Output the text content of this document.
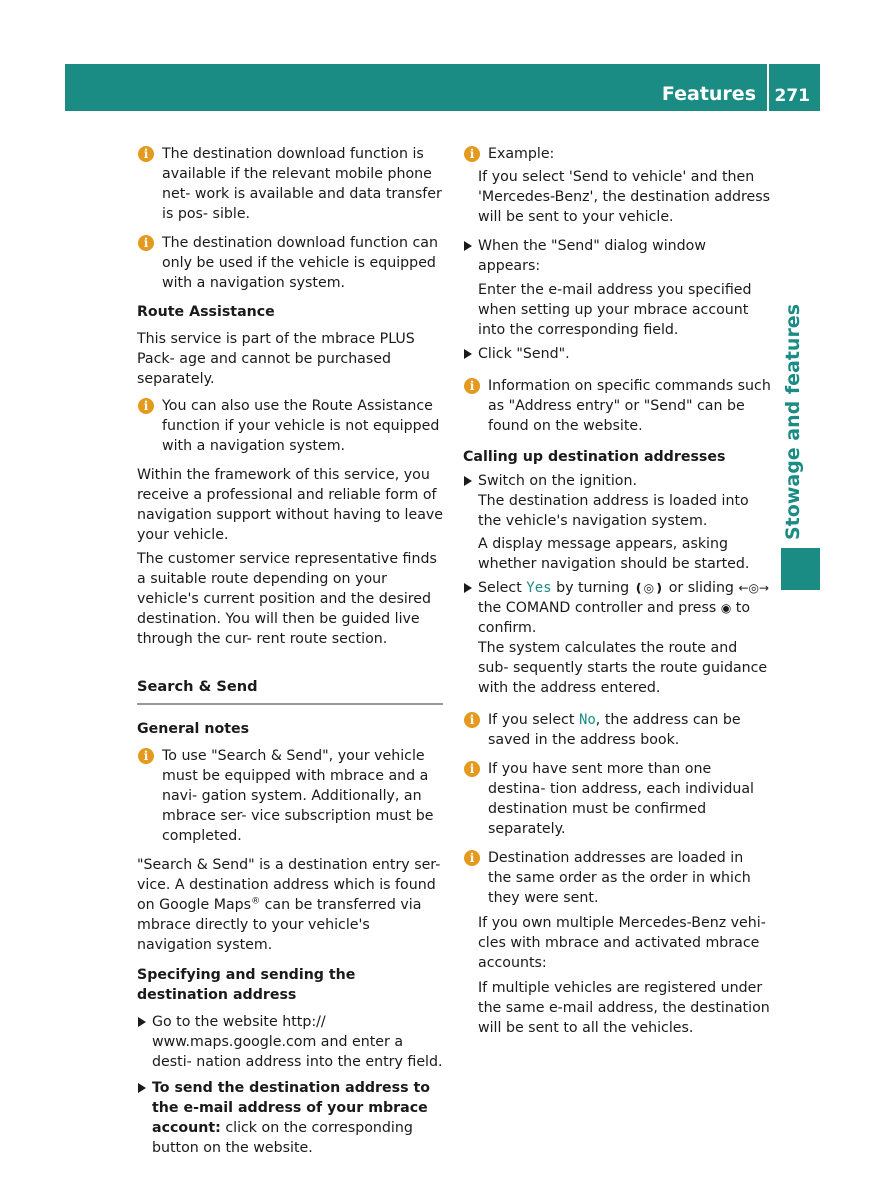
Features 271
Stowage and features
i The destination download function is available if the relevant mobile phone net- work is available and data transfer is pos- sible.
i The destination download function can only be used if the vehicle is equipped with a navigation system.

Route Assistance

This service is part of the mbrace PLUS Pack- age and cannot be purchased separately.

i You can also use the Route Assistance function if your vehicle is not equipped with a navigation system.

Within the framework of this service, you receive a professional and reliable form of navigation support without having to leave your vehicle.

The customer service representative finds a suitable route depending on your vehicle's current position and the desired destination. You will then be guided live through the cur- rent route section.

Search & Send

General notes

i To use "Search & Send", your vehicle must be equipped with mbrace and a navi- gation system. Additionally, an mbrace ser- vice subscription must be completed.

"Search & Send" is a destination entry ser- vice. A destination address which is found on Google Maps® can be transferred via mbrace directly to your vehicle's navigation system.

Specifying and sending the destination address

Go to the website http:// www.maps.google.com and enter a desti- nation address into the entry field.
To send the destination address to the e-mail address of your mbrace account: click on the corresponding button on the website.
i Example:
If you select 'Send to vehicle' and then 'Mercedes-Benz', the destination address will be sent to your vehicle.
When the "Send" dialog window appears:

Enter the e-mail address you specified when setting up your mbrace account into the corresponding field.

Click "Send".
i Information on specific commands such as "Address entry" or "Send" can be found on the website.

Calling up destination addresses

Switch on the ignition.

The destination address is loaded into the vehicle's navigation system.

A display message appears, asking whether navigation should be started.

Select Yes by turning ❪◎❫ or sliding ←◎→ the COMAND controller and press ◉ to confirm.

The system calculates the route and sub- sequently starts the route guidance with the address entered.

i If you select No, the address can be saved in the address book.
i If you have sent more than one destina- tion address, each individual destination must be confirmed separately.
i Destination addresses are loaded in the same order as the order in which they were sent.
If you own multiple Mercedes-Benz vehi- cles with mbrace and activated mbrace accounts:
If multiple vehicles are registered under the same e-mail address, the destination will be sent to all the vehicles.
